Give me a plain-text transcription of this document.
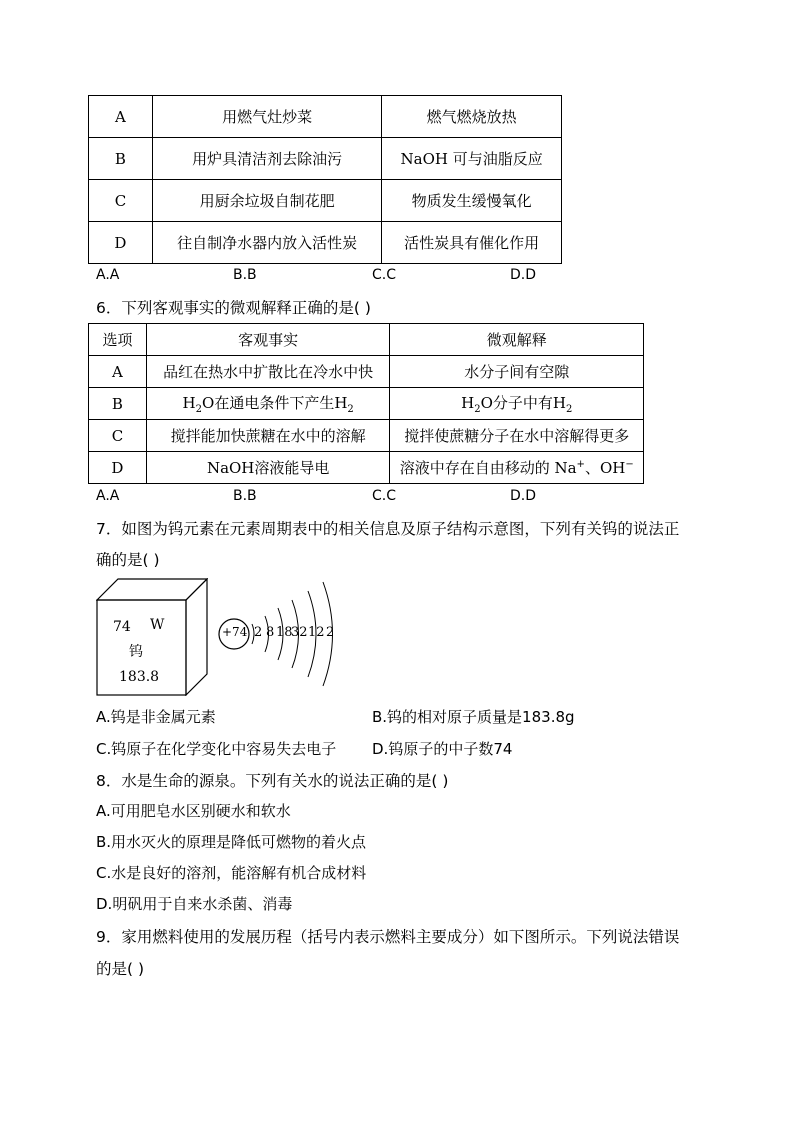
A	用燃气灶炒菜	燃气燃烧放热
B	用炉具清洁剂去除油污	NaOH 可与油脂反应
C	用厨余垃圾自制花肥	物质发生缓慢氧化
D	往自制净水器内放入活性炭	活性炭具有催化作用
A.A	B.B	C.C	D.D
6．下列客观事实的微观解释正确的是( )
选项	客观事实	微观解释
A	品红在热水中扩散比在冷水中快	水分子间有空隙
B	$H_2O$在通电条件下产生$H_2$	$H_2O$分子中有$H_2$
C	搅拌能加快蔗糖在水中的溶解	搅拌使蔗糖分子在水中溶解得更多
D	NaOH溶液能导电	溶液中存在自由移动的 Na+、OH−
A.A	B.B	C.C	D.D
7．如图为钨元素在元素周期表中的相关信息及原子结构示意图，下列有关钨的说法正
确的是( )
74 W
钨
183.8
+74 2 8 18
32 12 2
A.钨是非金属元素	B.钨的相对原子质量是183.8g
C.钨原子在化学变化中容易失去电子 D.钨原子的中子数74
8．水是生命的源泉。下列有关水的说法正确的是( )
A.可用肥皂水区别硬水和软水
B.用水灭火的原理是降低可燃物的着火点
C.水是良好的溶剂，能溶解有机合成材料
D.明矾用于自来水杀菌、消毒
9．家用燃料使用的发展历程（括号内表示燃料主要成分）如下图所示。下列说法错误
的是( )
